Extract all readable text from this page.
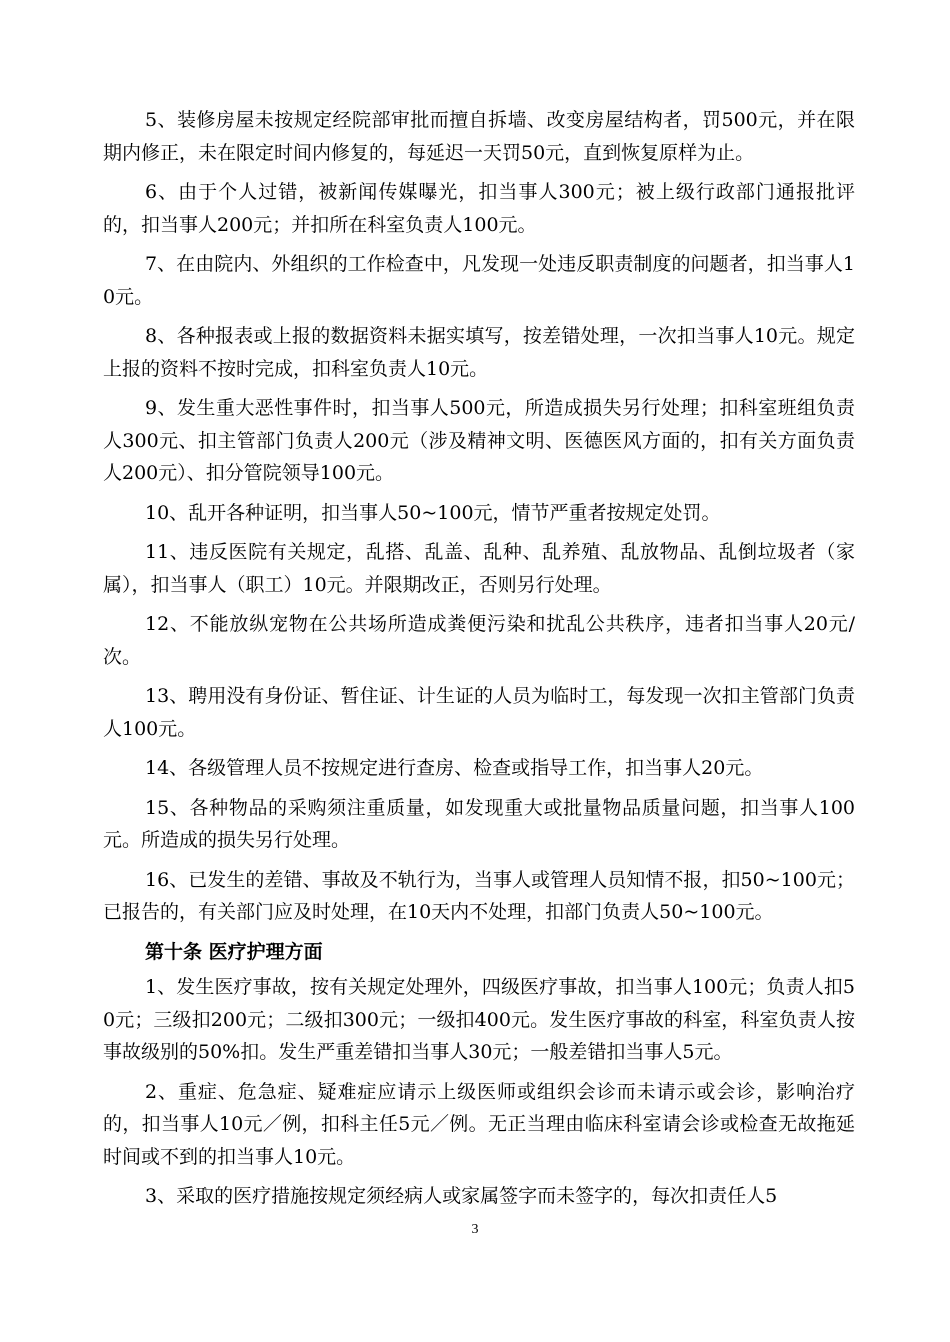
5、装修房屋未按规定经院部审批而擅自拆墙、改变房屋结构者，罚500元，并在限期内修正，未在限定时间内修复的，每延迟一天罚50元，直到恢复原样为止。

6、由于个人过错，被新闻传媒曝光，扣当事人300元；被上级行政部门通报批评的，扣当事人200元；并扣所在科室负责人100元。

7、在由院内、外组织的工作检查中，凡发现一处违反职责制度的问题者，扣当事人10元。

8、各种报表或上报的数据资料未据实填写，按差错处理，一次扣当事人10元。规定上报的资料不按时完成，扣科室负责人10元。

9、发生重大恶性事件时，扣当事人500元，所造成损失另行处理；扣科室班组负责人300元、扣主管部门负责人200元（涉及精神文明、医德医风方面的，扣有关方面负责人200元）、扣分管院领导100元。

10、乱开各种证明，扣当事人50~100元，情节严重者按规定处罚。

11、违反医院有关规定，乱搭、乱盖、乱种、乱养殖、乱放物品、乱倒垃圾者（家属），扣当事人（职工）10元。并限期改正，否则另行处理。

12、不能放纵宠物在公共场所造成粪便污染和扰乱公共秩序，违者扣当事人20元/次。

13、聘用没有身份证、暂住证、计生证的人员为临时工，每发现一次扣主管部门负责人100元。

14、各级管理人员不按规定进行查房、检查或指导工作，扣当事人20元。

15、各种物品的采购须注重质量，如发现重大或批量物品质量问题，扣当事人100元。所造成的损失另行处理。

16、已发生的差错、事故及不轨行为，当事人或管理人员知情不报，扣50~100元；已报告的，有关部门应及时处理，在10天内不处理，扣部门负责人50~100元。

第十条 医疗护理方面

1、发生医疗事故，按有关规定处理外，四级医疗事故，扣当事人100元；负责人扣50元；三级扣200元；二级扣300元；一级扣400元。发生医疗事故的科室，科室负责人按事故级别的50%扣。发生严重差错扣当事人30元；一般差错扣当事人5元。

2、重症、危急症、疑难症应请示上级医师或组织会诊而未请示或会诊，影响治疗的，扣当事人10元／例，扣科主任5元／例。无正当理由临床科室请会诊或检查无故拖延时间或不到的扣当事人10元。

3、采取的医疗措施按规定须经病人或家属签字而未签字的，每次扣责任人5

3
